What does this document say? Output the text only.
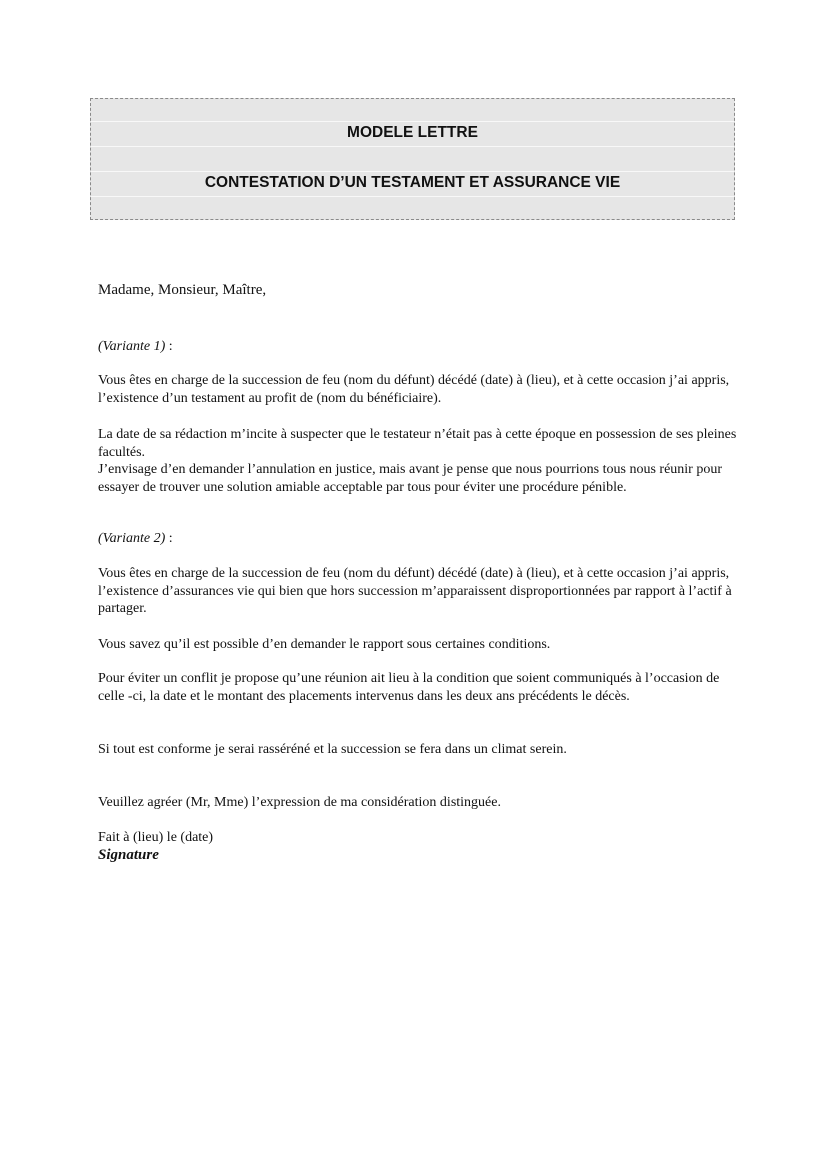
MODELE LETTRE
CONTESTATION D’UN TESTAMENT ET ASSURANCE VIE

Madame, Monsieur, Maître,

(Variante 1) :

Vous êtes en charge de la succession de feu (nom du défunt) décédé (date) à (lieu), et à cette occasion j’ai appris, l’existence d’un testament au profit de (nom du bénéficiaire).

La date de sa rédaction m’incite à suspecter que le testateur n’était pas à cette époque en possession de ses pleines facultés.

J’envisage d’en demander l’annulation en justice, mais avant je pense que nous pourrions tous nous réunir pour essayer de trouver une solution amiable acceptable par tous pour éviter une procédure pénible.

(Variante 2) :

Vous êtes en charge de la succession de feu (nom du défunt) décédé (date) à (lieu), et à cette occasion j’ai appris, l’existence d’assurances vie qui bien que hors succession m’apparaissent disproportionnées par rapport à l’actif à partager.

Vous savez qu’il est possible d’en demander le rapport sous certaines conditions.

Pour éviter un conflit je propose qu’une réunion ait lieu à la condition que soient communiqués à l’occasion de celle -ci, la date et le montant des placements intervenus dans les deux ans précédents le décès.

Si tout est conforme je serai rasséréné et la succession se fera dans un climat serein.

Veuillez agréer (Mr, Mme) l’expression de ma considération distinguée.

Fait à (lieu) le (date)

Signature
